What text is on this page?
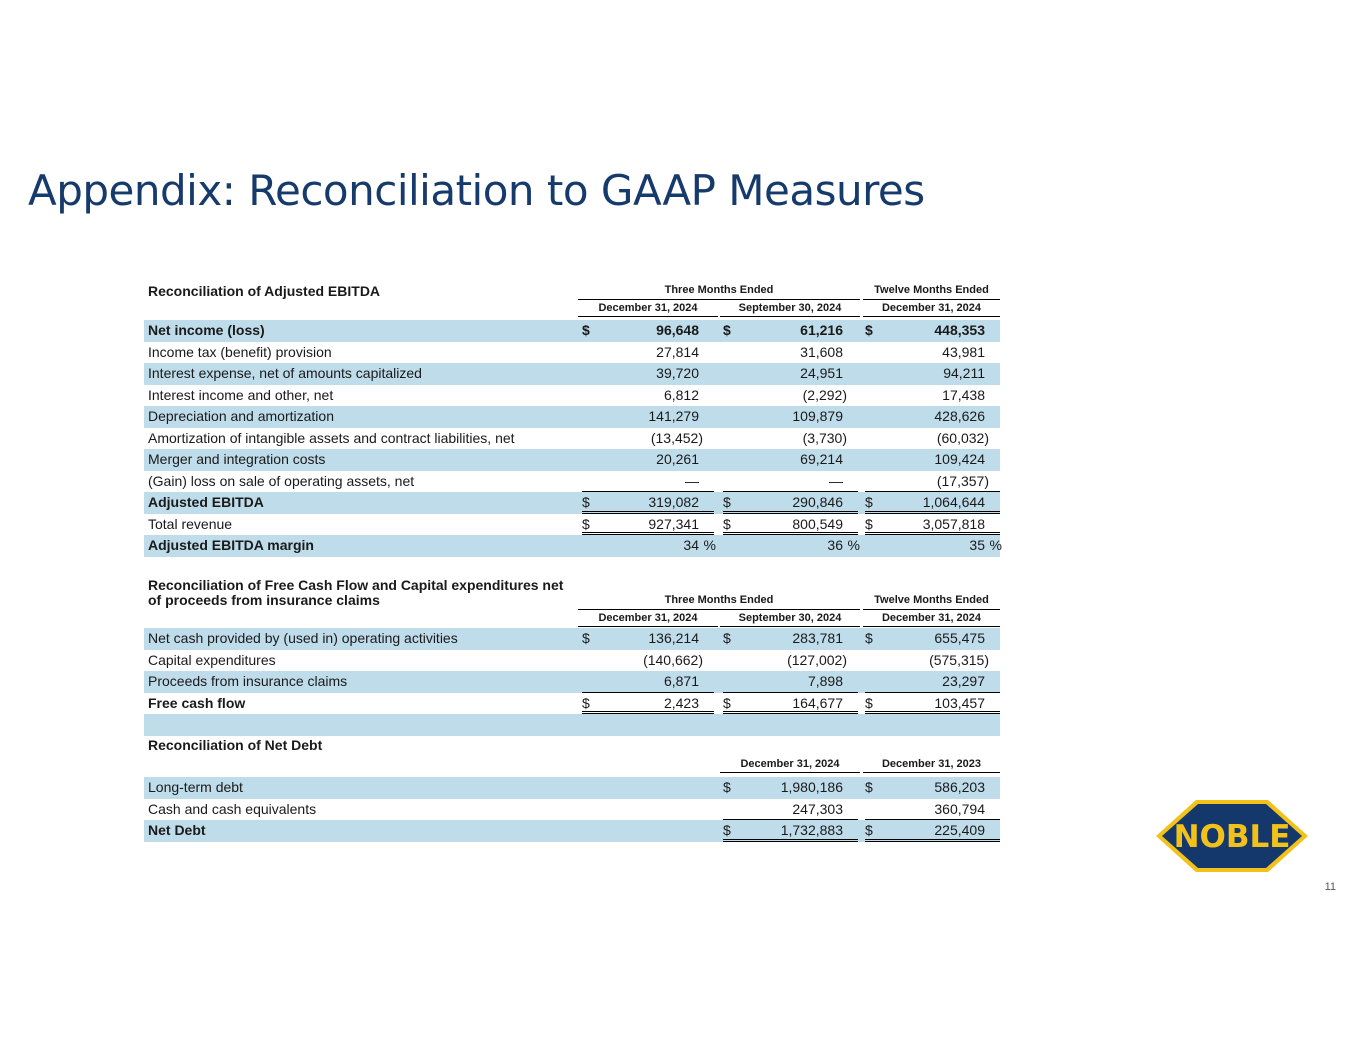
Appendix: Reconciliation to GAAP Measures
Reconciliation of Adjusted EBITDA	Three Months Ended	Twelve Months Ended
December 31, 2024	September 30, 2024	December 31, 2024
Net income (loss)	$	96,648 $	61,216 $	448,353
Income tax (benefit) provision	27,814	31,608	43,981
Interest expense, net of amounts capitalized	39,720	24,951	94,211
Interest income and other, net	6,812	(2,292)	17,438
Depreciation and amortization	141,279	109,879	428,626
Amortization of intangible assets and contract liabilities, net	(13,452)	(3,730)	(60,032)
Merger and integration costs	20,261	69,214	109,424
(Gain) loss on sale of operating assets, net	—	—	(17,357)
Adjusted EBITDA	$	319,082 $	290,846 $	1,064,644
Total revenue	$	927,341 $	800,549 $	3,057,818
Adjusted EBITDA margin	34 %	36 %	35 %
Reconciliation of Free Cash Flow and Capital expenditures net of proceeds from insurance claims	Three Months Ended	Twelve Months Ended
December 31, 2024	September 30, 2024	December 31, 2024
Net cash provided by (used in) operating activities	$	136,214 $	283,781 $	655,475
Capital expenditures	(140,662)	(127,002)	(575,315)
Proceeds from insurance claims	6,871	7,898	23,297
Free cash flow	$	2,423 $	164,677 $	103,457
Reconciliation of Net Debt
December 31, 2024	December 31, 2023
Long-term debt	$	1,980,186 $	586,203
Cash and cash equivalents	247,303	360,794
Net Debt	$	1,732,883 $	225,409	NOBLE
11
